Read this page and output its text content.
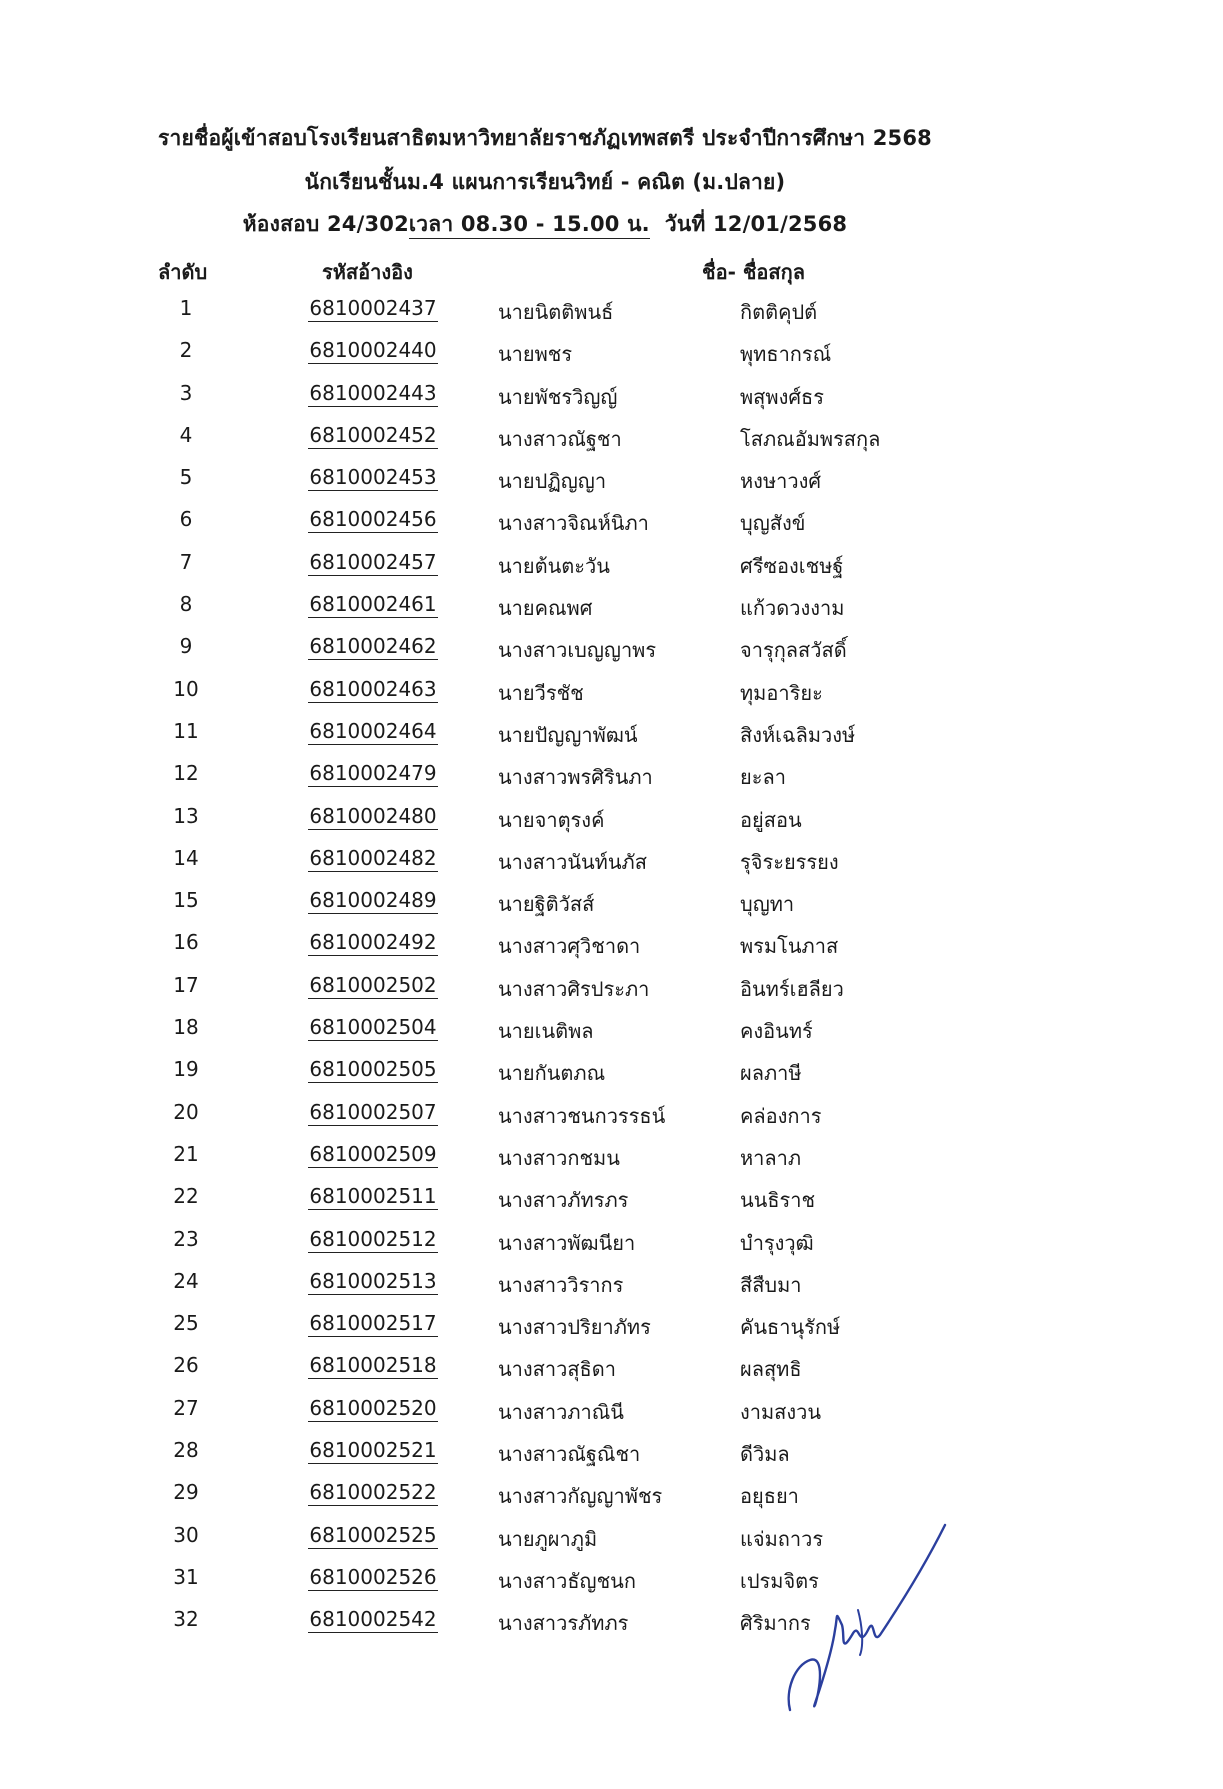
รายชื่อผู้เข้าสอบโรงเรียนสาธิตมหาวิทยาลัยราชภัฏเทพสตรี ประจำปีการศึกษา 2568
นักเรียนชั้นม.4 แผนการเรียนวิทย์ - คณิต (ม.ปลาย)
ห้องสอบ 24/302เวลา 08.30 - 15.00 น. วันที่ 12/01/2568
ลำดับ	รหัสอ้างอิง	ชื่อ- ชื่อสกุล
1	6810002437	นายนิตติพนธ์	กิตติคุปต์
2	6810002440	นายพชร	พุทธากรณ์
3	6810002443	นายพัชรวิญญ์	พสุพงศ์ธร
4	6810002452	นางสาวณัฐชา	โสภณอัมพรสกุล
5	6810002453	นายปฏิญญา	หงษาวงศ์
6	6810002456	นางสาวจิณห์นิภา	บุญสังข์
7	6810002457	นายต้นตะวัน	ศรีซองเชษฐ์
8	6810002461	นายคณพศ	แก้วดวงงาม
9	6810002462	นางสาวเบญญาพร	จารุกุลสวัสดิ์
10	6810002463	นายวีรชัช	ทุมอาริยะ
11	6810002464	นายปัญญาพัฒน์	สิงห์เฉลิมวงษ์
12	6810002479	นางสาวพรศิรินภา	ยะลา
13	6810002480	นายจาตุรงค์	อยู่สอน
14	6810002482	นางสาวนันท์นภัส	รุจิระยรรยง
15	6810002489	นายฐิติวัสส์	บุญทา
16	6810002492	นางสาวศุวิชาดา	พรมโนภาส
17	6810002502	นางสาวศิรประภา	อินทร์เฮลียว
18	6810002504	นายเนติพล	คงอินทร์
19	6810002505	นายกันตภณ	ผลภาษี
20	6810002507	นางสาวชนกวรรธน์	คล่องการ
21	6810002509	นางสาวกชมน	หาลาภ
22	6810002511	นางสาวภัทรภร	นนธิราช
23	6810002512	นางสาวพัฒนียา	บำรุงวุฒิ
24	6810002513	นางสาววิรากร	สีสืบมา
25	6810002517	นางสาวปริยาภัทร	คันธานุรักษ์
26	6810002518	นางสาวสุธิดา	ผลสุทธิ
27	6810002520	นางสาวภาณินี	งามสงวน
28	6810002521	นางสาวณัฐณิชา	ดีวิมล
29	6810002522	นางสาวกัญญาพัชร	อยุธยา
30	6810002525	นายภูผาภูมิ	แจ่มถาวร
31	6810002526	นางสาวธัญชนก	เปรมจิตร
32	6810002542	นางสาวรภัทภร	ศิริมากร
